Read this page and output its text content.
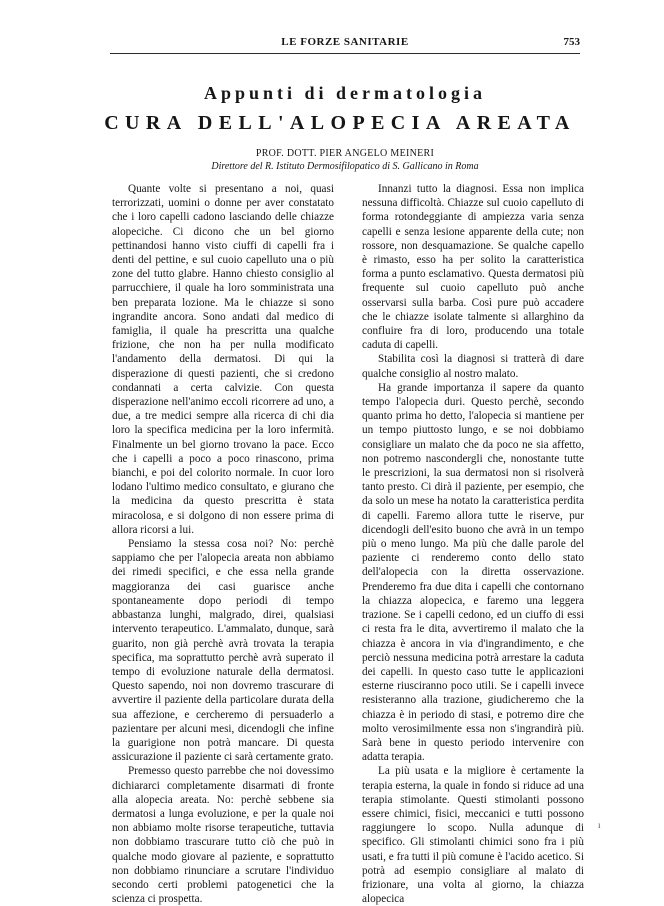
LE FORZE SANITARIE	753
Appunti di dermatologia
CURA DELL'ALOPECIA AREATA
PROF. DOTT. PIER ANGELO MEINERI
Direttore del R. Istituto Dermosifilopatico di S. Gallicano in Roma

Quante volte si presentano a noi, quasi terrorizzati, uomini o donne per aver constatato che i loro capelli cadono lasciando delle chiazze alopeciche. Ci dicono che un bel giorno pettinandosi hanno visto ciuffi di capelli fra i denti del pettine, e sul cuoio capelluto una o più zone del tutto glabre. Hanno chiesto consiglio al parrucchiere, il quale ha loro somministrata una ben preparata lozione. Ma le chiazze si sono ingrandite ancora. Sono andati dal medico di famiglia, il quale ha prescritta una qualche frizione, che non ha per nulla modificato l'andamento della dermatosi. Di qui la disperazione di questi pazienti, che si credono condannati a certa calvizie. Con questa disperazione nell'animo eccoli ricorrere ad uno, a due, a tre medici sempre alla ricerca di chi dia loro la specifica medicina per la loro infermità. Finalmente un bel giorno trovano la pace. Ecco che i capelli a poco a poco rinascono, prima bianchi, e poi del colorito normale. In cuor loro lodano l'ultimo medico consultato, e giurano che la medicina da questo prescritta è stata miracolosa, e si dolgono di non essere prima di allora ricorsi a lui.

Pensiamo la stessa cosa noi? No: perchè sappiamo che per l'alopecia areata non abbiamo dei rimedi specifici, e che essa nella grande maggioranza dei casi guarisce anche spontaneamente dopo periodi di tempo abbastanza lunghi, malgrado, direi, qualsiasi intervento terapeutico. L'ammalato, dunque, sarà guarito, non già perchè avrà trovata la terapia specifica, ma soprattutto perchè avrà superato il tempo di evoluzione naturale della dermatosi. Questo sapendo, noi non dovremo trascurare di avvertire il paziente della particolare durata della sua affezione, e cercheremo di persuaderlo a pazientare per alcuni mesi, dicendogli che infine la guarigione non potrà mancare. Di questa assicurazione il paziente ci sarà certamente grato.

Premesso questo parrebbe che noi dovessimo dichiararci completamente disarmati di fronte alla alopecia areata. No: perchè sebbene sia dermatosi a lunga evoluzione, e per la quale noi non abbiamo molte risorse terapeutiche, tuttavia non dobbiamo trascurare tutto ciò che può in qualche modo giovare al paziente, e soprattutto non dobbiamo rinunciare a scrutare l'individuo secondo certi problemi patogenetici che la scienza ci prospetta.

Innanzi tutto la diagnosi. Essa non implica nessuna difficoltà. Chiazze sul cuoio capelluto di forma rotondeggiante di ampiezza varia senza capelli e senza lesione apparente della cute; non rossore, non desquamazione. Se qualche capello è rimasto, esso ha per solito la caratteristica forma a punto esclamativo. Questa dermatosi più frequente sul cuoio capelluto può anche osservarsi sulla barba. Così pure può accadere che le chiazze isolate talmente si allarghino da confluire fra di loro, producendo una totale caduta di capelli.

Stabilita così la diagnosi si tratterà di dare qualche consiglio al nostro malato.

Ha grande importanza il sapere da quanto tempo l'alopecia duri. Questo perchè, secondo quanto prima ho detto, l'alopecia si mantiene per un tempo piuttosto lungo, e se noi dobbiamo consigliare un malato che da poco ne sia affetto, non potremo nascondergli che, nonostante tutte le prescrizioni, la sua dermatosi non si risolverà tanto presto. Ci dirà il paziente, per esempio, che da solo un mese ha notato la caratteristica perdita di capelli. Faremo allora tutte le riserve, pur dicendogli dell'esito buono che avrà in un tempo più o meno lungo. Ma più che dalle parole del paziente ci renderemo conto dello stato dell'alopecia con la diretta osservazione. Prenderemo fra due dita i capelli che contornano la chiazza alopecica, e faremo una leggera trazione. Se i capelli cedono, ed un ciuffo di essi ci resta fra le dita, avvertiremo il malato che la chiazza è ancora in via d'ingrandimento, e che perciò nessuna medicina potrà arrestare la caduta dei capelli. In questo caso tutte le applicazioni esterne riusciranno poco utili. Se i capelli invece resisteranno alla trazione, giudicheremo che la chiazza è in periodo di stasi, e potremo dire che molto verosimilmente essa non s'ingrandirà più. Sarà bene in questo periodo intervenire con adatta terapia.

La più usata e la migliore è certamente la terapia esterna, la quale in fondo si riduce ad una terapia stimolante. Questi stimolanti possono essere chimici, fisici, meccanici e tutti possono raggiungere lo scopo. Nulla adunque di specifico. Gli stimolanti chimici sono fra i più usati, e fra tutti il più comune è l'acido acetico. Si potrà ad esempio consigliare al malato di frizionare, una volta al giorno, la chiazza alopecica

ı
